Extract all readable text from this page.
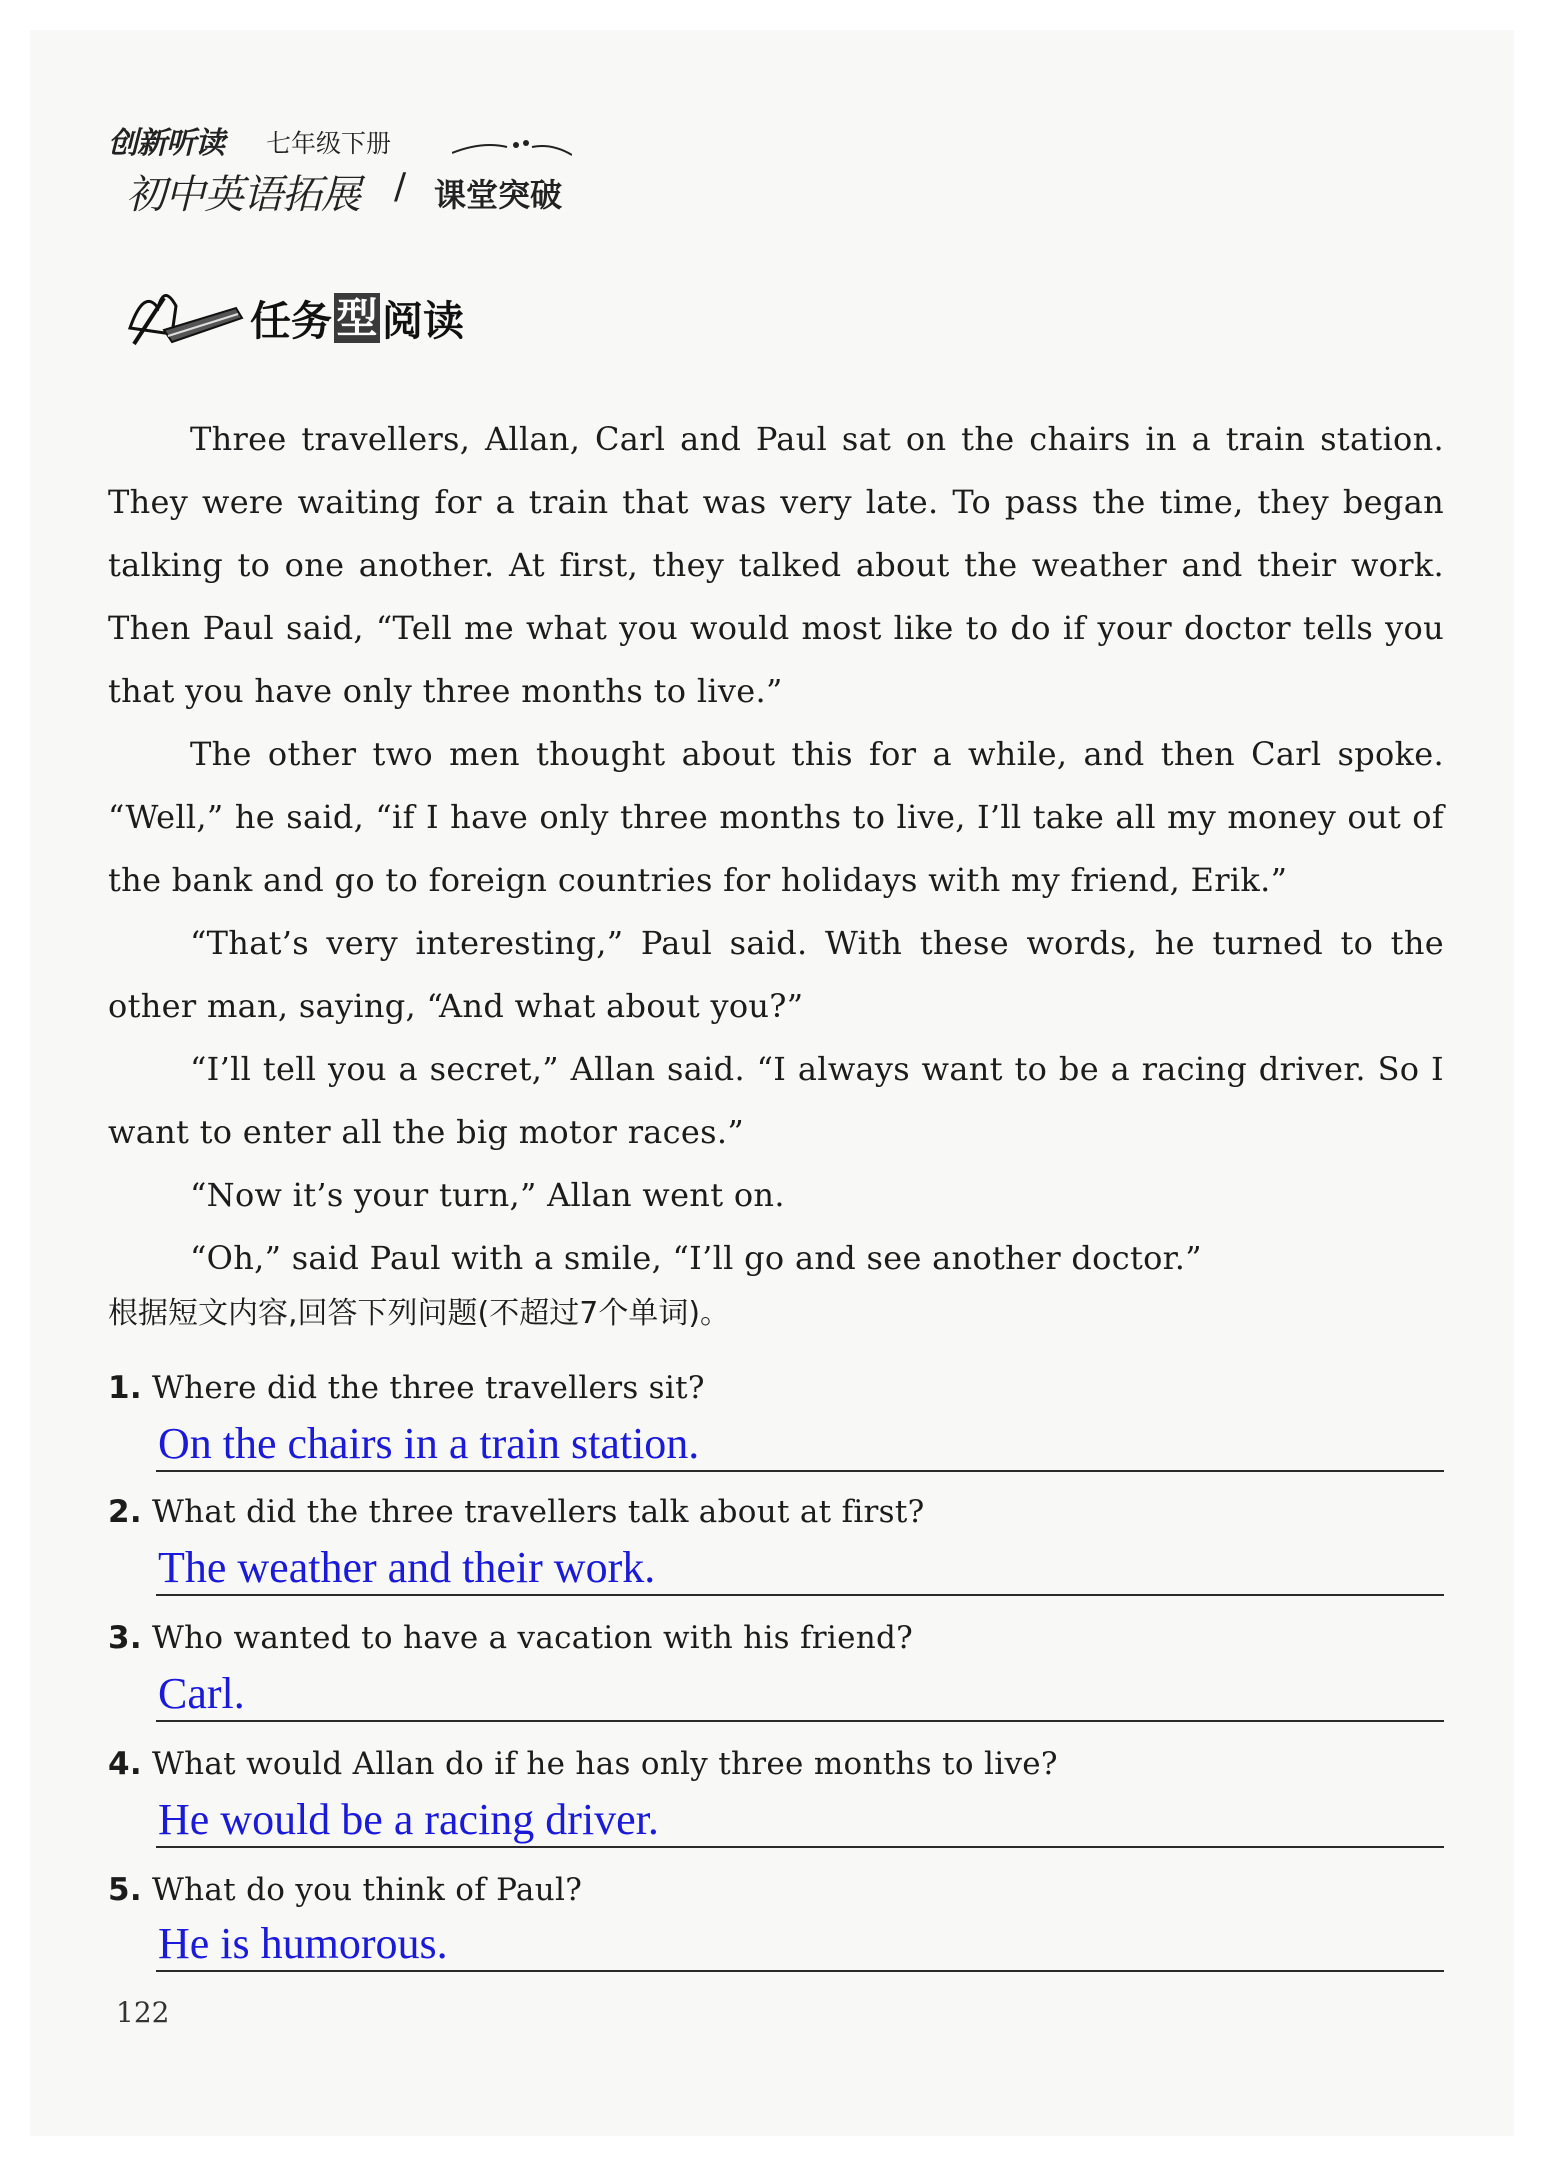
创新听读 七年级下册
初中英语拓展 / 课堂突破
任务 型 阅读

Three travellers, Allan, Carl and Paul sat on the chairs in a train station. They were waiting for a train that was very late. To pass the time, they began talking to one another. At first, they talked about the weather and their work. Then Paul said, “Tell me what you would most like to do if your doctor tells you that you have only three months to live.”

The other two men thought about this for a while, and then Carl spoke. “Well,” he said, “if I have only three months to live, I’ll take all my money out of the bank and go to foreign countries for holidays with my friend, Erik.”

“That’s very interesting,” Paul said. With these words, he turned to the other man, saying, “And what about you?”

“I’ll tell you a secret,” Allan said. “I always want to be a racing driver. So I want to enter all the big motor races.”

“Now it’s your turn,” Allan went on.

“Oh,” said Paul with a smile, “I’ll go and see another doctor.”

根据短文内容,回答下列问题(不超过7个单词)。
1. Where did the three travellers sit?
On the chairs in a train station.
2. What did the three travellers talk about at first?
The weather and their work.
3. Who wanted to have a vacation with his friend?
Carl.
4. What would Allan do if he has only three months to live?
He would be a racing driver.
5. What do you think of Paul?
He is humorous.
122
